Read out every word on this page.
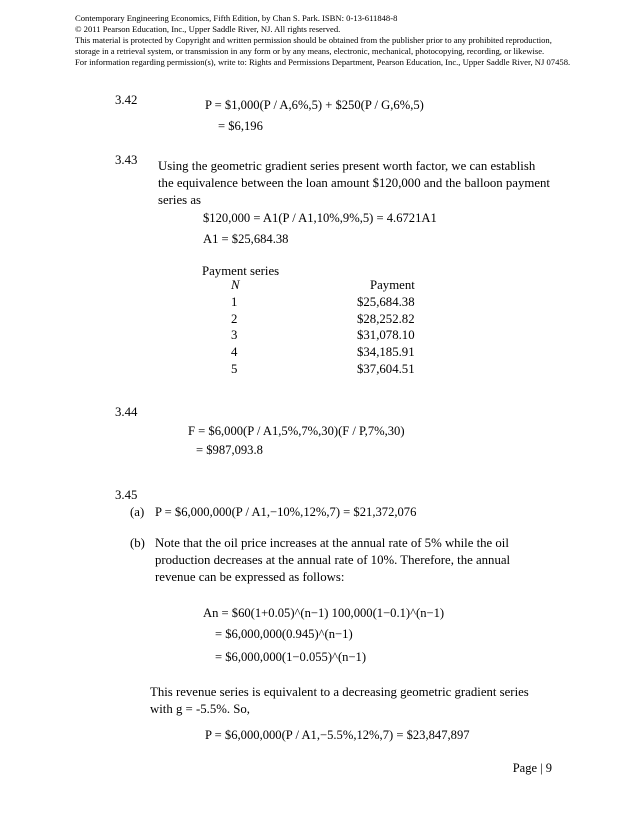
Contemporary Engineering Economics, Fifth Edition, by Chan S. Park. ISBN: 0-13-611848-8
© 2011 Pearson Education, Inc., Upper Saddle River, NJ. All rights reserved.
This material is protected by Copyright and written permission should be obtained from the publisher prior to any prohibited reproduction,
storage in a retrieval system, or transmission in any form or by any means, electronic, mechanical, photocopying, recording, or likewise.
For information regarding permission(s), write to: Rights and Permissions Department, Pearson Education, Inc., Upper Saddle River, NJ 07458.
3.42	P = $1,000(P / A,6%,5) + $250(P / G,6%,5)
= $6,196
3.43 Using the geometric gradient series present worth factor, we can establish
the equivalence between the loan amount $120,000 and the balloon payment
series as
$120,000 = A1(P / A1,10%,9%,5) = 4.6721A1
A1 = $25,684.38
Payment series
N	Payment
1	$25,684.38
2	$28,252.82
3	$31,078.10
4	$34,185.91
5	$37,604.51
3.44
F = $6,000(P / A1,5%,7%,30)(F / P,7%,30)
= $987,093.8
3.45
(a) P = $6,000,000(P / A1,−10%,12%,7) = $21,372,076
(b) Note that the oil price increases at the annual rate of 5% while the oil
production decreases at the annual rate of 10%. Therefore, the annual
revenue can be expressed as follows:
An = $60(1+0.05)^(n−1) 100,000(1−0.1)^(n−1)
= $6,000,000(0.945)^(n−1)
= $6,000,000(1−0.055)^(n−1)
This revenue series is equivalent to a decreasing geometric gradient series
with g = -5.5%. So,
P = $6,000,000(P / A1,−5.5%,12%,7) = $23,847,897
Page | 9
